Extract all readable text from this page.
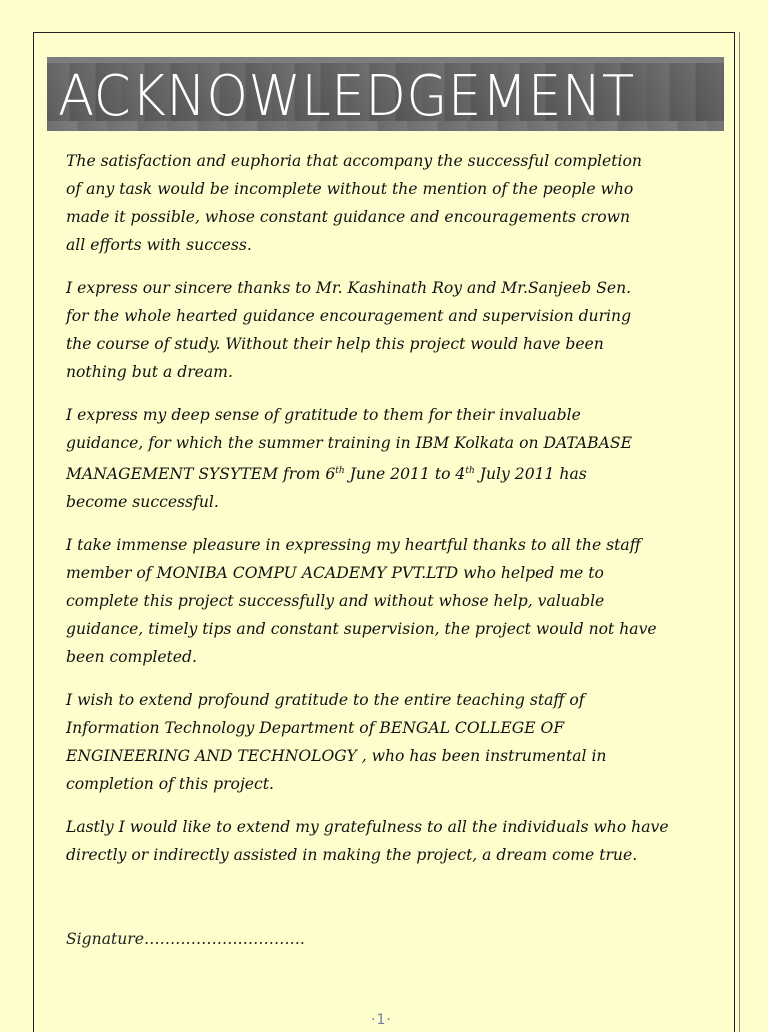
ACKNOWLEDGEMENT

The satisfaction and euphoria that accompany the successful completion
of any task would be incomplete without the mention of the people who
made it possible, whose constant guidance and encouragements crown
all efforts with success.

I express our sincere thanks to Mr. Kashinath Roy and Mr.Sanjeeb Sen.
for the whole hearted guidance encouragement and supervision during
the course of study. Without their help this project would have been
nothing but a dream.

I express my deep sense of gratitude to them for their invaluable
guidance, for which the summer training in IBM Kolkata on DATABASE
MANAGEMENT SYSYTEM from 6th June 2011 to 4th July 2011 has
become successful.

I take immense pleasure in expressing my heartful thanks to all the staff
member of MONIBA COMPU ACADEMY PVT.LTD who helped me to
complete this project successfully and without whose help, valuable
guidance, timely tips and constant supervision, the project would not have
been completed.

I wish to extend profound gratitude to the entire teaching staff of
Information Technology Department of BENGAL COLLEGE OF
ENGINEERING AND TECHNOLOGY , who has been instrumental in
completion of this project.

Lastly I would like to extend my gratefulness to all the individuals who have
directly or indirectly assisted in making the project, a dream come true.

Signature………………………….
·1·
